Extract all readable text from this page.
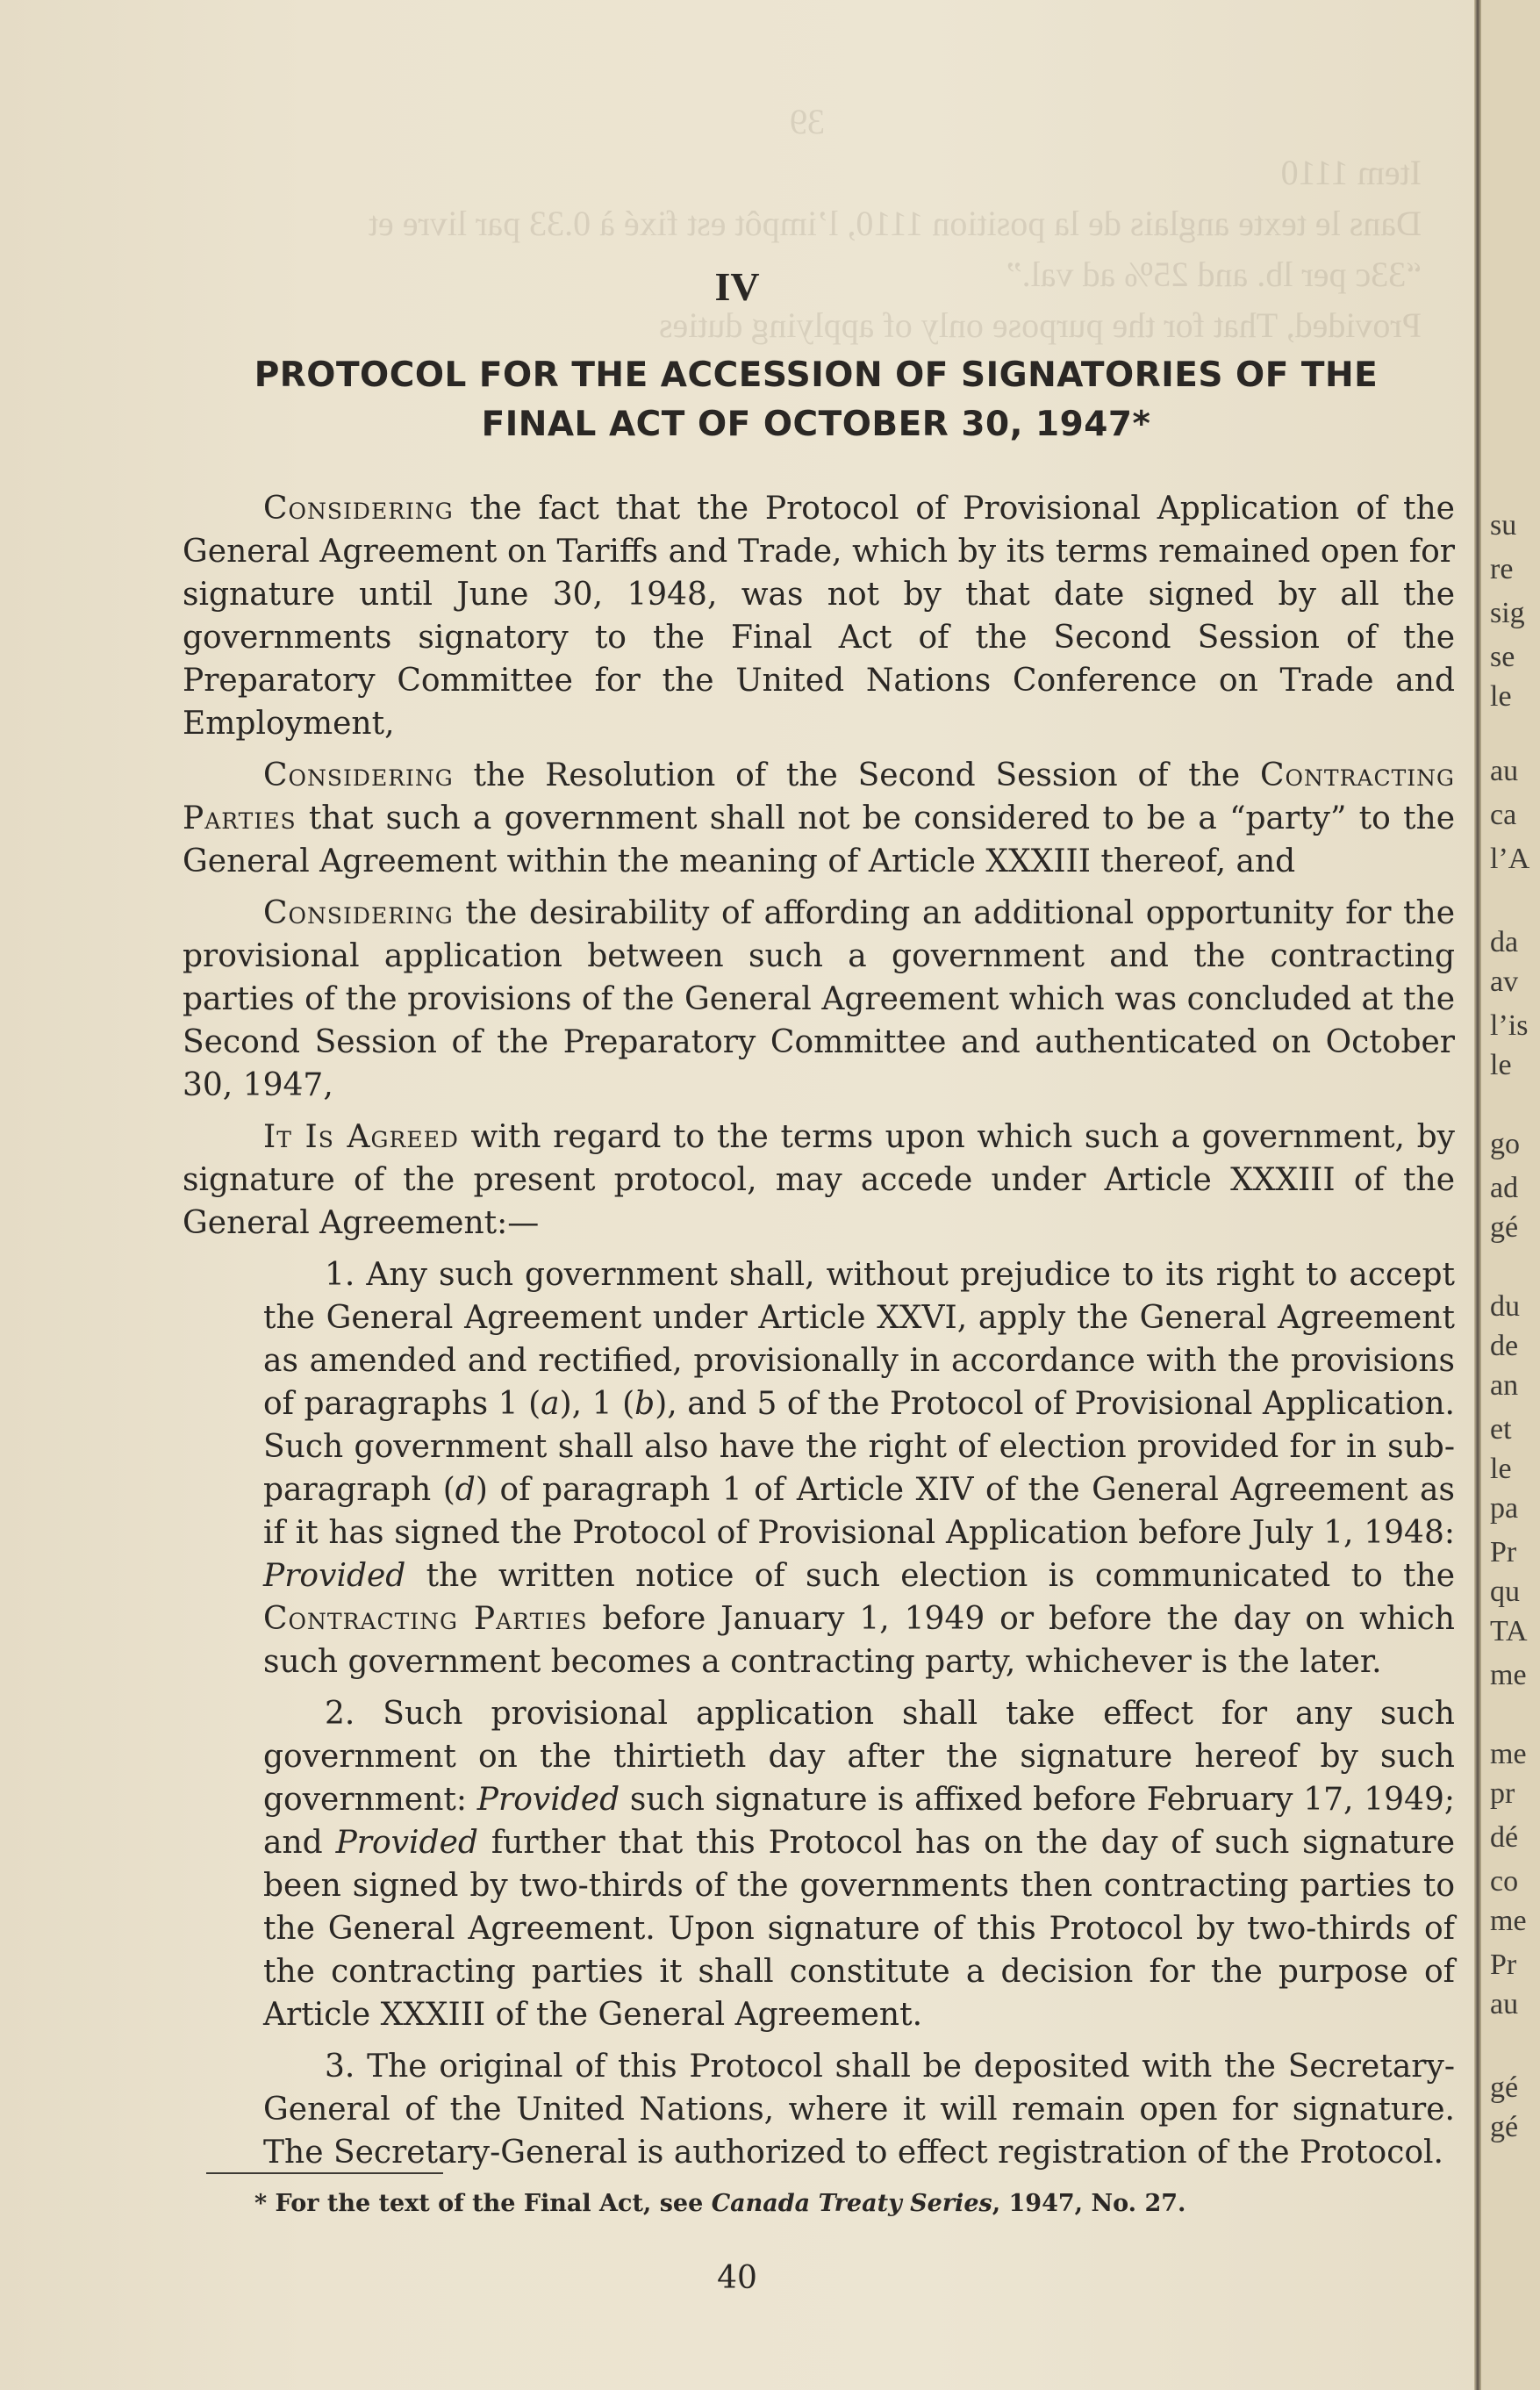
39
Item 1110
Dans le texte anglais de la position 1110, l’impôt est fixé à 0.33 par livre et
“33c per lb. and 25% ad val.”
Provided, That for the purpose only of applying duties
su
re
sig
se
le
au
ca
l’A
da
av
l’is
le
go
ad
gé
du
de
an
et
le
pa
Pr
qu
TA
me
me
pr
dé
co
me
Pr
au
gé
gé
IV
PROTOCOL FOR THE ACCESSION OF SIGNATORIES OF THE
FINAL ACT OF OCTOBER 30, 1947*

Considering the fact that the Protocol of Provisional Application of the General Agreement on Tariffs and Trade, which by its terms remained open for signature until June 30, 1948, was not by that date signed by all the governments signatory to the Final Act of the Second Session of the Preparatory Committee for the United Nations Conference on Trade and Employment,

Considering the Resolution of the Second Session of the Contracting Parties that such a government shall not be considered to be a “party” to the General Agreement within the meaning of Article XXXIII thereof, and

Considering the desirability of affording an additional opportunity for the provisional application between such a government and the contracting parties of the provisions of the General Agreement which was concluded at the Second Session of the Preparatory Committee and authenticated on October 30, 1947,

It Is Agreed with regard to the terms upon which such a government, by signature of the present protocol, may accede under Article XXXIII of the General Agreement:—

1. Any such government shall, without prejudice to its right to accept the General Agreement under Article XXVI, apply the General Agreement as amended and rectified, provisionally in accordance with the provisions of paragraphs 1 (a), 1 (b), and 5 of the Protocol of Provisional Application. Such government shall also have the right of election provided for in sub-paragraph (d) of paragraph 1 of Article XIV of the General Agreement as if it has signed the Protocol of Provisional Application before July 1, 1948: Provided the written notice of such election is communicated to the Contracting Parties before January 1, 1949 or before the day on which such government becomes a contracting party, whichever is the later.

2. Such provisional application shall take effect for any such government on the thirtieth day after the signature hereof by such government: Provided such signature is affixed before February 17, 1949; and Provided further that this Protocol has on the day of such signature been signed by two-thirds of the governments then contracting parties to the General Agreement. Upon signature of this Protocol by two-thirds of the contracting parties it shall constitute a decision for the purpose of Article XXXIII of the General Agreement.

3. The original of this Protocol shall be deposited with the Secretary-General of the United Nations, where it will remain open for signature. The Secretary-General is authorized to effect registration of the Protocol.

* For the text of the Final Act, see Canada Treaty Series, 1947, No. 27.
40
